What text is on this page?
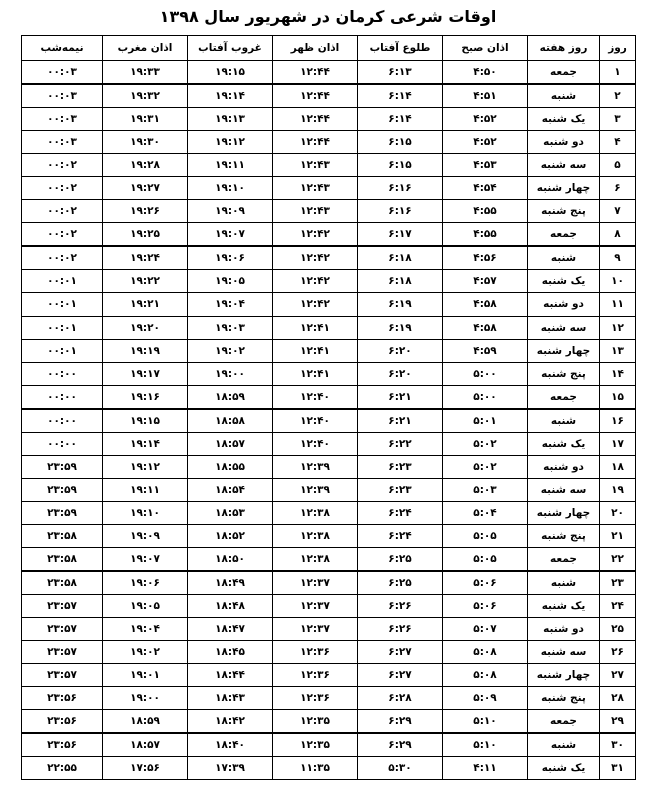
اوقات شرعی کرمان در شهریور سال ۱۳۹۸
روز	روز هفته	اذان صبح	طلوع آفتاب	اذان ظهر	غروب آفتاب	اذان مغرب	نیمه‌شب
۱	جمعه	۴:۵۰	۶:۱۳	۱۲:۴۴	۱۹:۱۵	۱۹:۳۳	۰۰:۰۳
۲	شنبه	۴:۵۱	۶:۱۴	۱۲:۴۴	۱۹:۱۴	۱۹:۳۲	۰۰:۰۳
۳	یک شنبه	۴:۵۲	۶:۱۴	۱۲:۴۴	۱۹:۱۳	۱۹:۳۱	۰۰:۰۳
۴	دو شنبه	۴:۵۲	۶:۱۵	۱۲:۴۴	۱۹:۱۲	۱۹:۳۰	۰۰:۰۳
۵	سه شنبه	۴:۵۳	۶:۱۵	۱۲:۴۳	۱۹:۱۱	۱۹:۲۸	۰۰:۰۲
۶	چهار شنبه	۴:۵۴	۶:۱۶	۱۲:۴۳	۱۹:۱۰	۱۹:۲۷	۰۰:۰۲
۷	پنج شنبه	۴:۵۵	۶:۱۶	۱۲:۴۳	۱۹:۰۹	۱۹:۲۶	۰۰:۰۲
۸	جمعه	۴:۵۵	۶:۱۷	۱۲:۴۲	۱۹:۰۷	۱۹:۲۵	۰۰:۰۲
۹	شنبه	۴:۵۶	۶:۱۸	۱۲:۴۲	۱۹:۰۶	۱۹:۲۴	۰۰:۰۲
۱۰	یک شنبه	۴:۵۷	۶:۱۸	۱۲:۴۲	۱۹:۰۵	۱۹:۲۲	۰۰:۰۱
۱۱	دو شنبه	۴:۵۸	۶:۱۹	۱۲:۴۲	۱۹:۰۴	۱۹:۲۱	۰۰:۰۱
۱۲	سه شنبه	۴:۵۸	۶:۱۹	۱۲:۴۱	۱۹:۰۳	۱۹:۲۰	۰۰:۰۱
۱۳	چهار شنبه	۴:۵۹	۶:۲۰	۱۲:۴۱	۱۹:۰۲	۱۹:۱۹	۰۰:۰۱
۱۴	پنج شنبه	۵:۰۰	۶:۲۰	۱۲:۴۱	۱۹:۰۰	۱۹:۱۷	۰۰:۰۰
۱۵	جمعه	۵:۰۰	۶:۲۱	۱۲:۴۰	۱۸:۵۹	۱۹:۱۶	۰۰:۰۰
۱۶	شنبه	۵:۰۱	۶:۲۱	۱۲:۴۰	۱۸:۵۸	۱۹:۱۵	۰۰:۰۰
۱۷	یک شنبه	۵:۰۲	۶:۲۲	۱۲:۴۰	۱۸:۵۷	۱۹:۱۴	۰۰:۰۰
۱۸	دو شنبه	۵:۰۲	۶:۲۳	۱۲:۳۹	۱۸:۵۵	۱۹:۱۲	۲۳:۵۹
۱۹	سه شنبه	۵:۰۳	۶:۲۳	۱۲:۳۹	۱۸:۵۴	۱۹:۱۱	۲۳:۵۹
۲۰	چهار شنبه	۵:۰۴	۶:۲۴	۱۲:۳۸	۱۸:۵۳	۱۹:۱۰	۲۳:۵۹
۲۱	پنج شنبه	۵:۰۵	۶:۲۴	۱۲:۳۸	۱۸:۵۲	۱۹:۰۹	۲۳:۵۸
۲۲	جمعه	۵:۰۵	۶:۲۵	۱۲:۳۸	۱۸:۵۰	۱۹:۰۷	۲۳:۵۸
۲۳	شنبه	۵:۰۶	۶:۲۵	۱۲:۳۷	۱۸:۴۹	۱۹:۰۶	۲۳:۵۸
۲۴	یک شنبه	۵:۰۶	۶:۲۶	۱۲:۳۷	۱۸:۴۸	۱۹:۰۵	۲۳:۵۷
۲۵	دو شنبه	۵:۰۷	۶:۲۶	۱۲:۳۷	۱۸:۴۷	۱۹:۰۴	۲۳:۵۷
۲۶	سه شنبه	۵:۰۸	۶:۲۷	۱۲:۳۶	۱۸:۴۵	۱۹:۰۲	۲۳:۵۷
۲۷	چهار شنبه	۵:۰۸	۶:۲۷	۱۲:۳۶	۱۸:۴۴	۱۹:۰۱	۲۳:۵۷
۲۸	پنج شنبه	۵:۰۹	۶:۲۸	۱۲:۳۶	۱۸:۴۳	۱۹:۰۰	۲۳:۵۶
۲۹	جمعه	۵:۱۰	۶:۲۹	۱۲:۳۵	۱۸:۴۲	۱۸:۵۹	۲۳:۵۶
۳۰	شنبه	۵:۱۰	۶:۲۹	۱۲:۳۵	۱۸:۴۰	۱۸:۵۷	۲۳:۵۶
۳۱	یک شنبه	۴:۱۱	۵:۳۰	۱۱:۳۵	۱۷:۳۹	۱۷:۵۶	۲۲:۵۵
